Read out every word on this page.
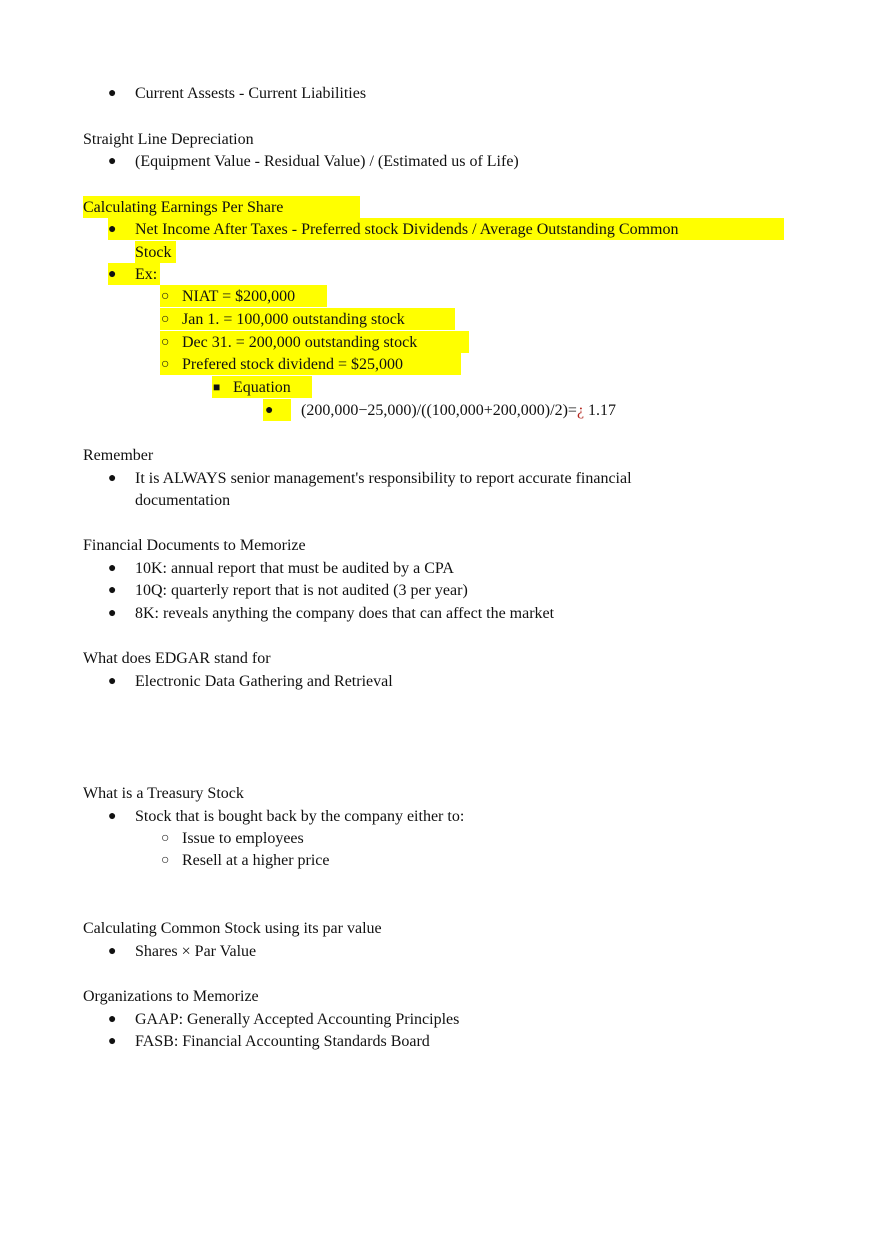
● Current Assests - Current Liabilities
Straight Line Depreciation
● (Equipment Value - Residual Value) / (Estimated us of Life)
Calculating Earnings Per Share
● Net Income After Taxes - Preferred stock Dividends / Average Outstanding Common
Stock
● Ex:
○ NIAT = $200,000
○ Jan 1. = 100,000 outstanding stock
○ Dec 31. = 200,000 outstanding stock
○ Prefered stock dividend = $25,000
■ Equation
● (200,000−25,000)/((100,000+200,000)/2)=¿ 1.17
Remember
● It is ALWAYS senior management's responsibility to report accurate financial
documentation
Financial Documents to Memorize
● 10K: annual report that must be audited by a CPA
● 10Q: quarterly report that is not audited (3 per year)
● 8K: reveals anything the company does that can affect the market
What does EDGAR stand for
● Electronic Data Gathering and Retrieval
What is a Treasury Stock
● Stock that is bought back by the company either to:
○ Issue to employees
○ Resell at a higher price
Calculating Common Stock using its par value
● Shares × Par Value
Organizations to Memorize
● GAAP: Generally Accepted Accounting Principles
● FASB: Financial Accounting Standards Board
